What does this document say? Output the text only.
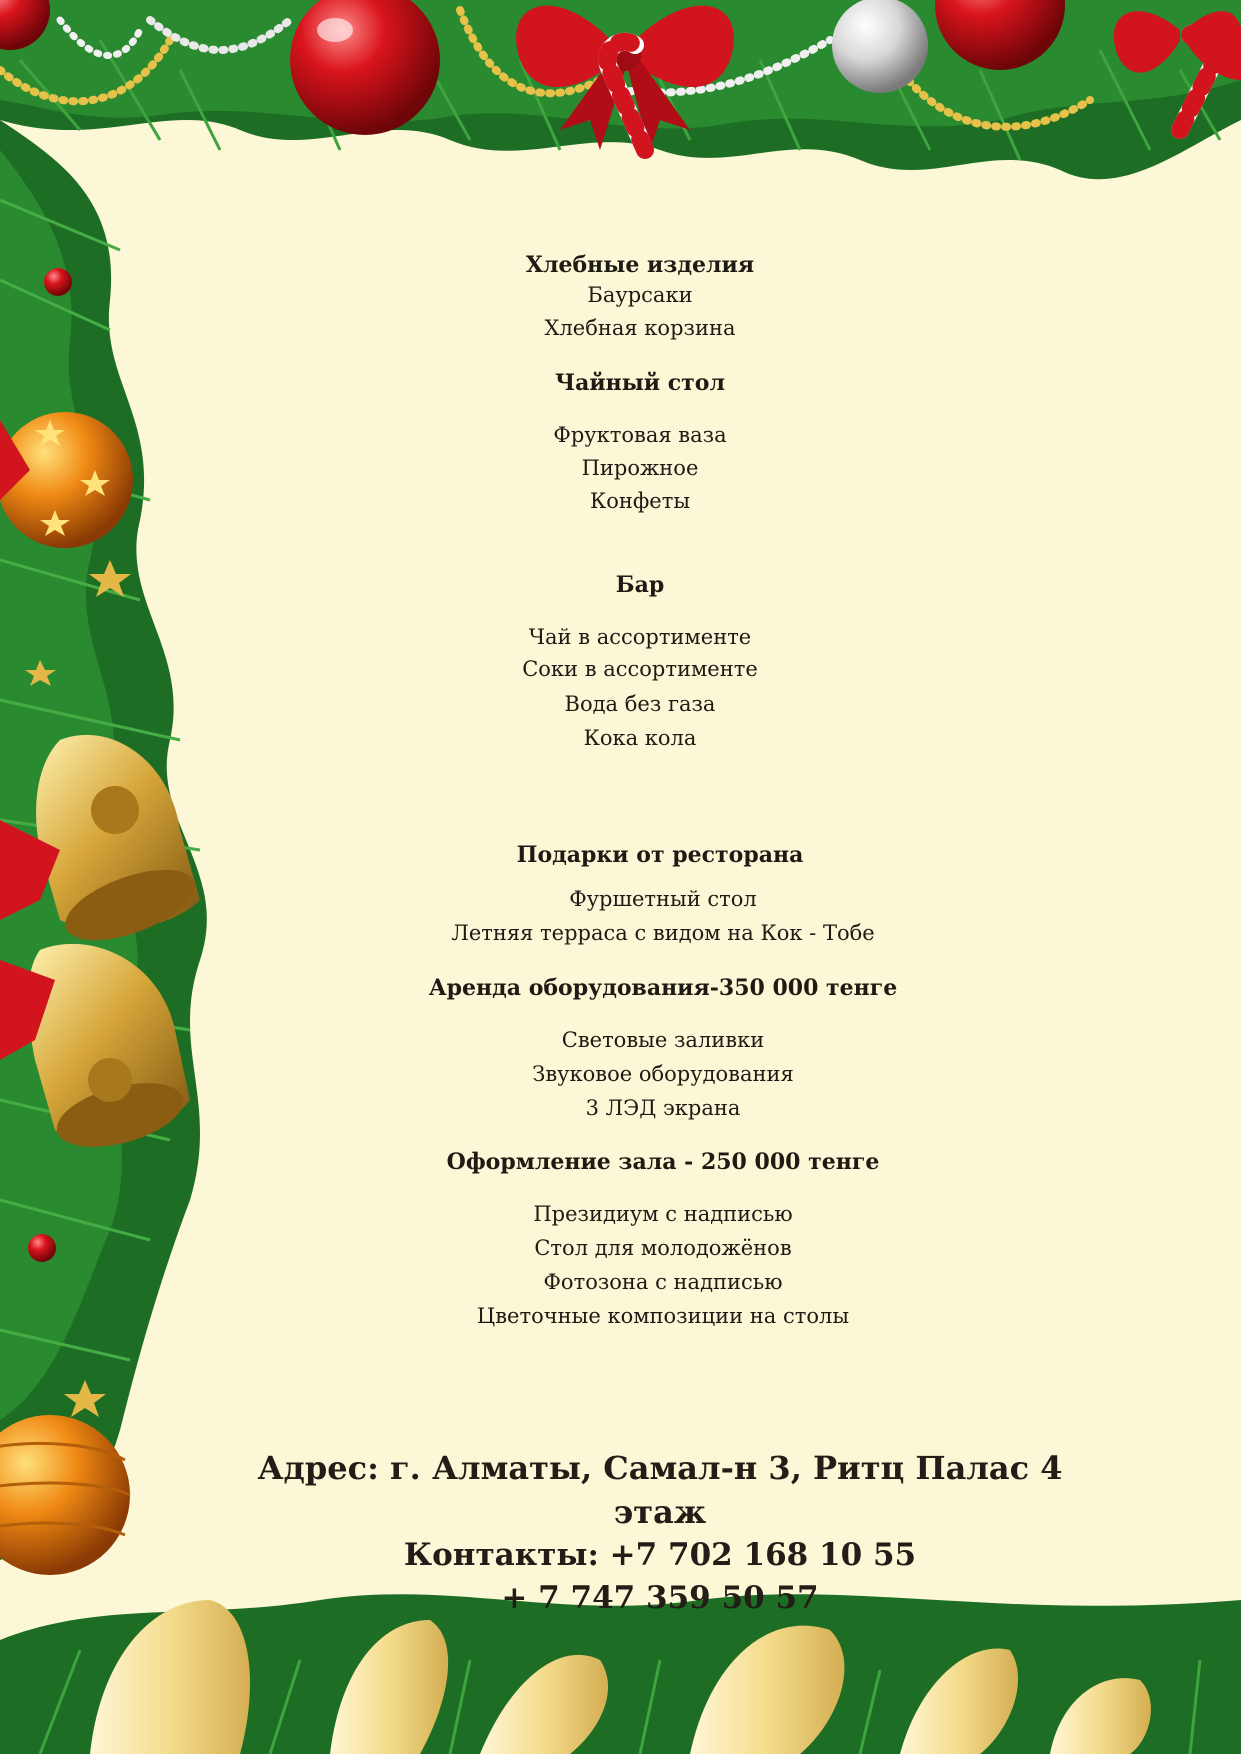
Хлебные изделия
Баурсаки
Хлебная корзина
Чайный стол
Фруктовая ваза
Пирожное
Конфеты
Бар
Чай в ассортименте
Соки в ассортименте
Вода без газа
Кока кола
Подарки от ресторана
Фуршетный стол
Летняя терраса с видом на Кок - Тобе
Аренда оборудования-350 000 тенге
Световые заливки
Звуковое оборудования
3 ЛЭД экрана
Оформление зала - 250 000 тенге
Президиум с надписью
Стол для молодожёнов
Фотозона с надписью
Цветочные композиции на столы
Адрес: г. Алматы, Самал-н 3, Ритц Палас 4 этаж
Контакты: +7 702 168 10 55
+ 7 747 359 50 57
